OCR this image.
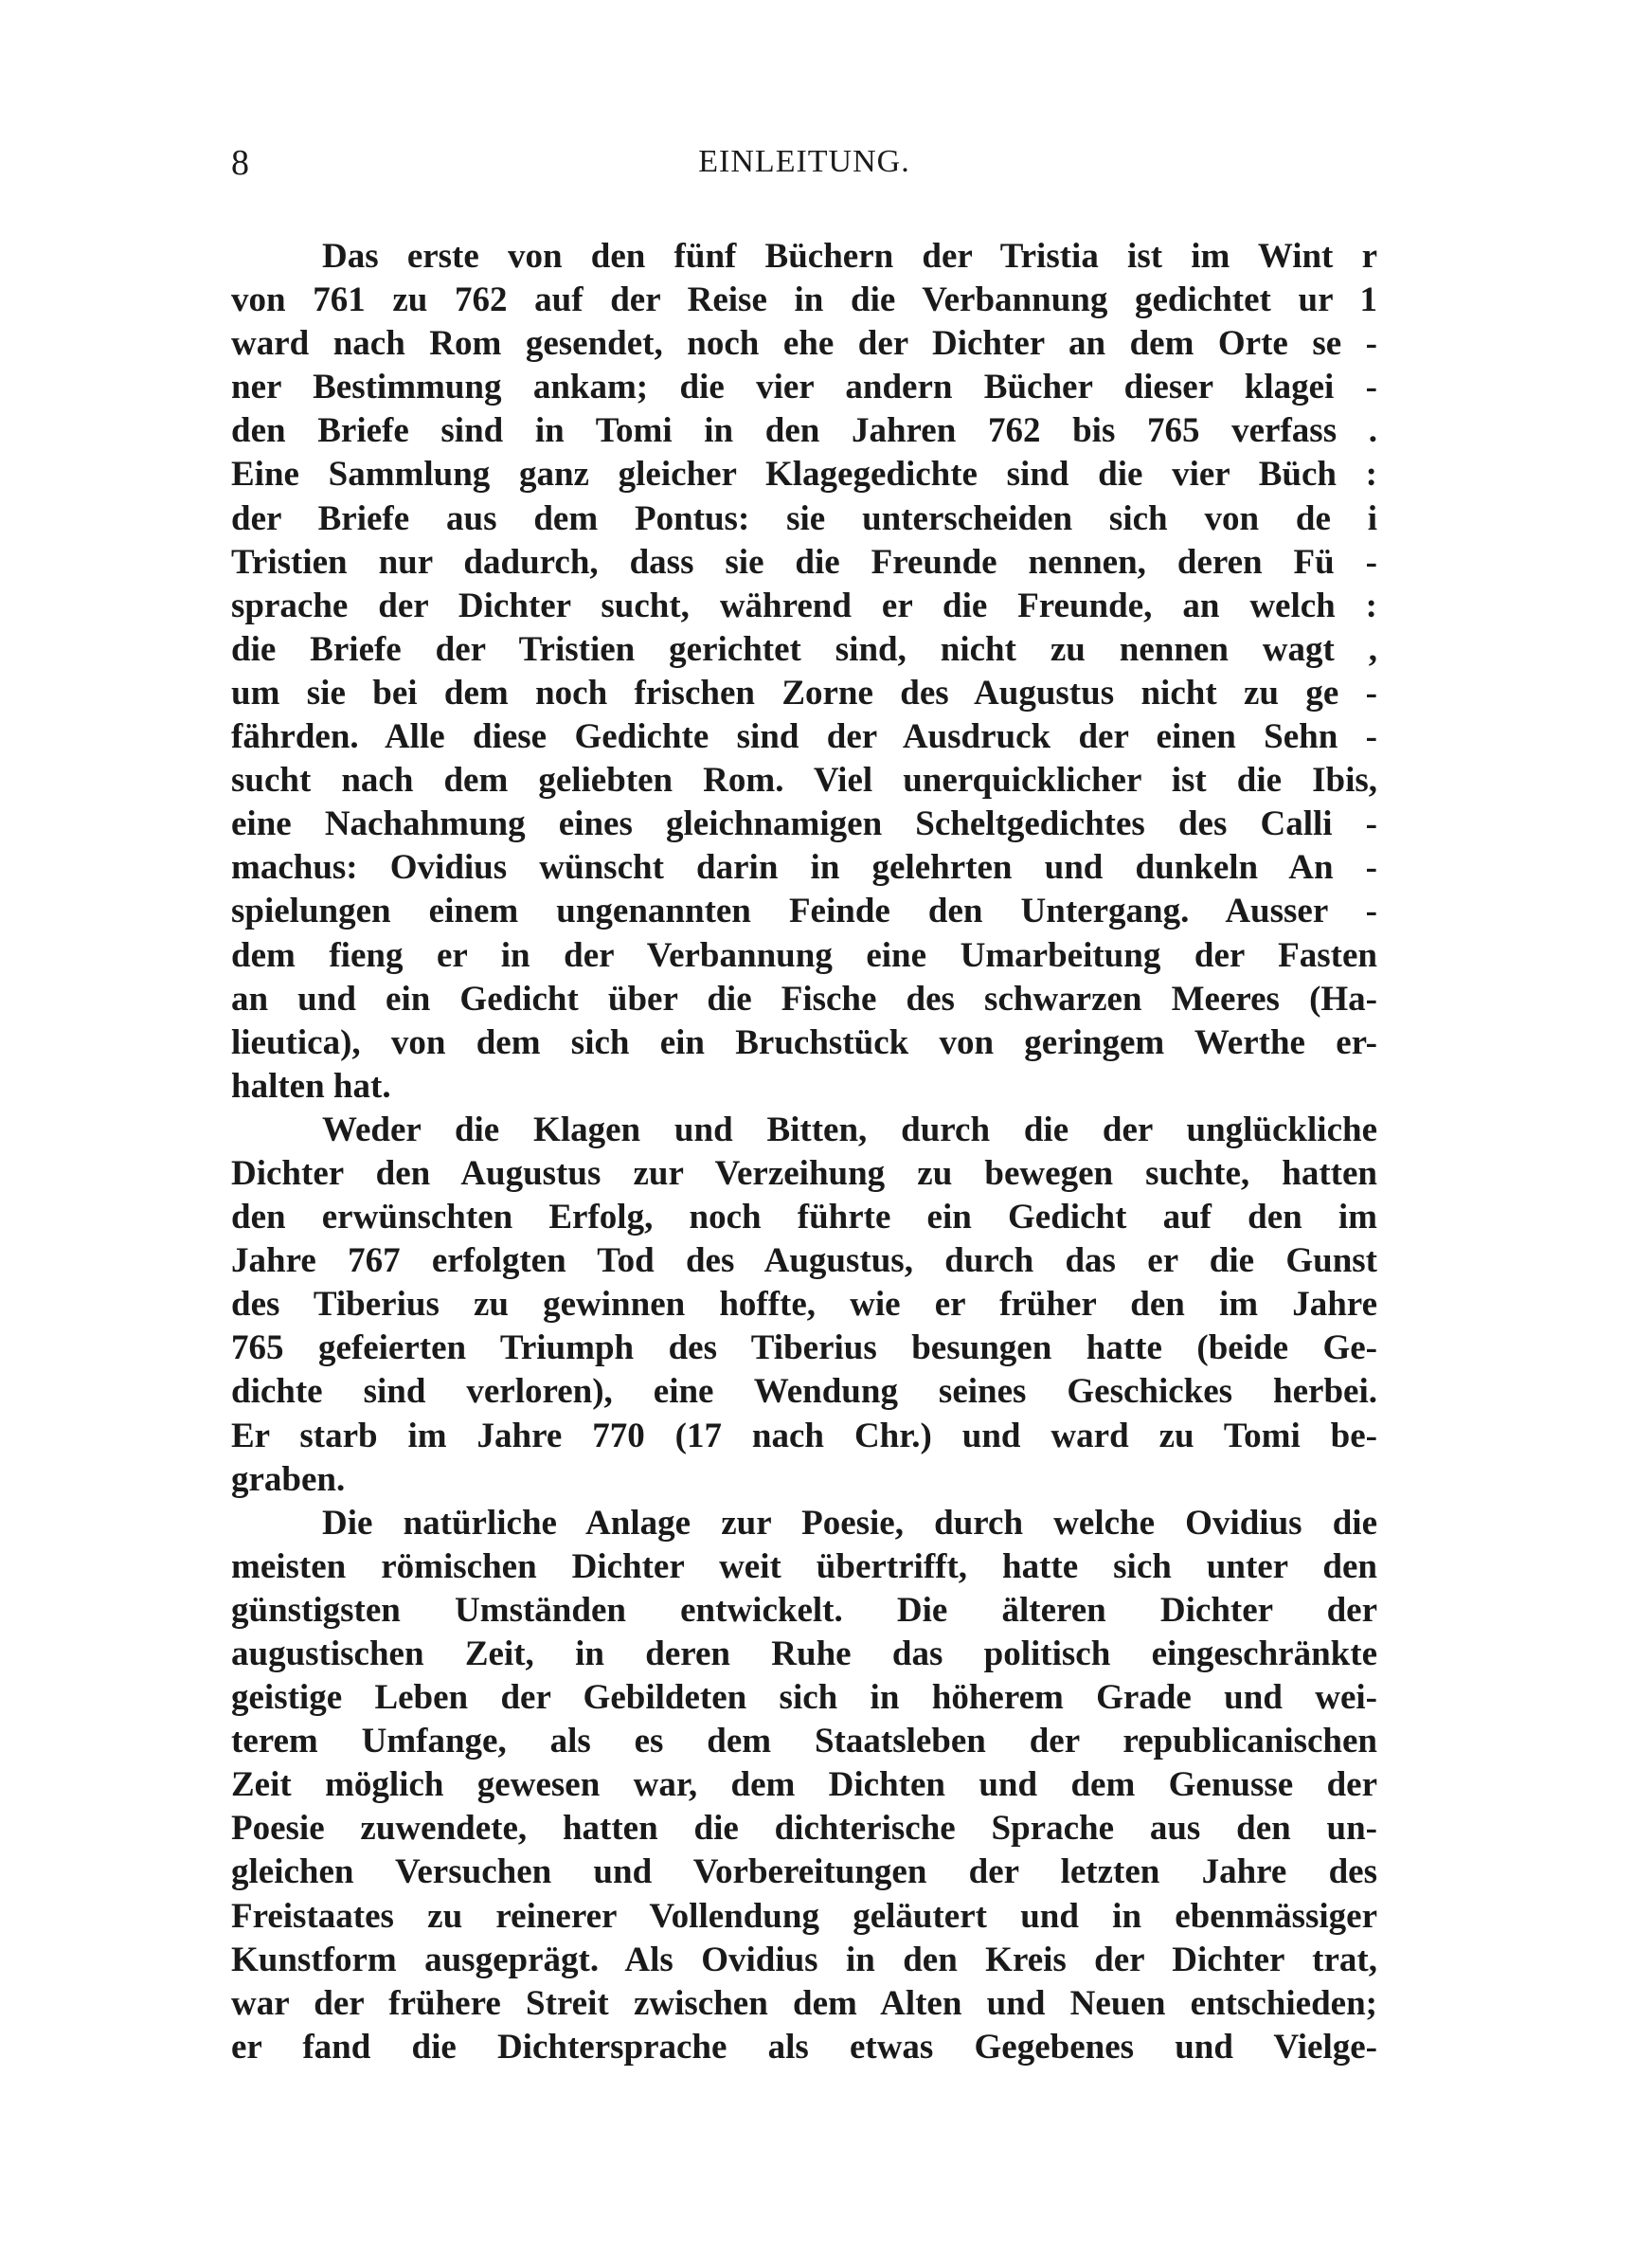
8	EINLEITUNG.
Das erste von den fünf Büchern der Tristia ist im Wint r
von 761 zu 762 auf der Reise in die Verbannung gedichtet ur 1
ward nach Rom gesendet, noch ehe der Dichter an dem Orte se -
ner Bestimmung ankam; die vier andern Bücher dieser klagei -
den Briefe sind in Tomi in den Jahren 762 bis 765 verfass .
Eine Sammlung ganz gleicher Klagegedichte sind die vier Büch :
der Briefe aus dem Pontus: sie unterscheiden sich von de i
Tristien nur dadurch, dass sie die Freunde nennen, deren Fü -
sprache der Dichter sucht, während er die Freunde, an welch :
die Briefe der Tristien gerichtet sind, nicht zu nennen wagt ,
um sie bei dem noch frischen Zorne des Augustus nicht zu ge -
fährden. Alle diese Gedichte sind der Ausdruck der einen Sehn -
sucht nach dem geliebten Rom. Viel unerquicklicher ist die Ibis,
eine Nachahmung eines gleichnamigen Scheltgedichtes des Calli -
machus: Ovidius wünscht darin in gelehrten und dunkeln An -
spielungen einem ungenannten Feinde den Untergang. Ausser -
dem fieng er in der Verbannung eine Umarbeitung der Fasten
an und ein Gedicht über die Fische des schwarzen Meeres (Ha-
lieutica), von dem sich ein Bruchstück von geringem Werthe er-
halten hat.
Weder die Klagen und Bitten, durch die der unglückliche
Dichter den Augustus zur Verzeihung zu bewegen suchte, hatten
den erwünschten Erfolg, noch führte ein Gedicht auf den im
Jahre 767 erfolgten Tod des Augustus, durch das er die Gunst
des Tiberius zu gewinnen hoffte, wie er früher den im Jahre
765 gefeierten Triumph des Tiberius besungen hatte (beide Ge-
dichte sind verloren), eine Wendung seines Geschickes herbei.
Er starb im Jahre 770 (17 nach Chr.) und ward zu Tomi be-
graben.
Die natürliche Anlage zur Poesie, durch welche Ovidius die
meisten römischen Dichter weit übertrifft, hatte sich unter den
günstigsten Umständen entwickelt. Die älteren Dichter der
augustischen Zeit, in deren Ruhe das politisch eingeschränkte
geistige Leben der Gebildeten sich in höherem Grade und wei-
terem Umfange, als es dem Staatsleben der republicanischen
Zeit möglich gewesen war, dem Dichten und dem Genusse der
Poesie zuwendete, hatten die dichterische Sprache aus den un-
gleichen Versuchen und Vorbereitungen der letzten Jahre des
Freistaates zu reinerer Vollendung geläutert und in ebenmässiger
Kunstform ausgeprägt. Als Ovidius in den Kreis der Dichter trat,
war der frühere Streit zwischen dem Alten und Neuen entschieden;
er fand die Dichtersprache als etwas Gegebenes und Vielge-
